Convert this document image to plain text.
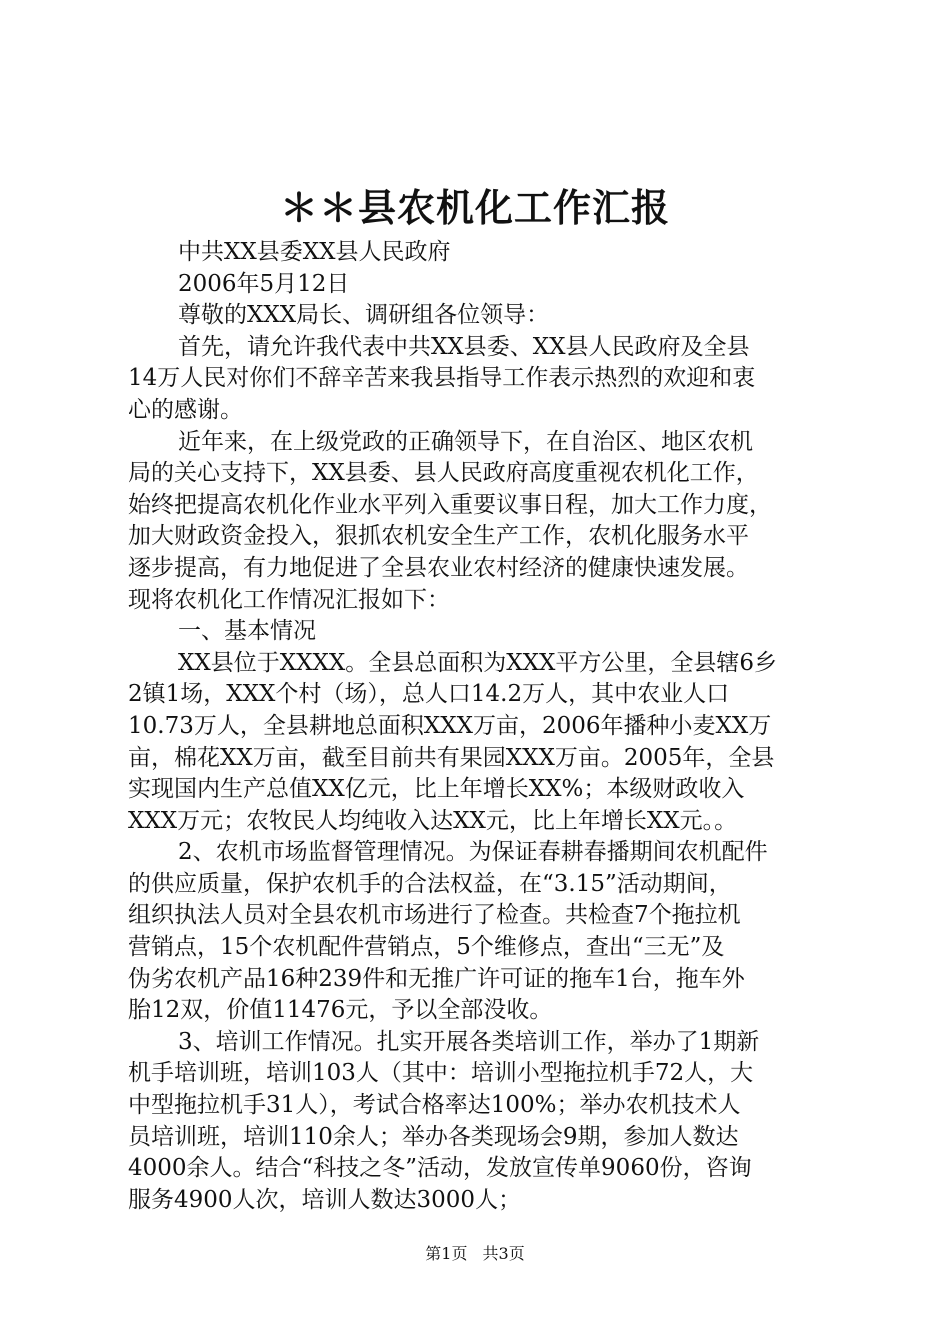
＊＊县农机化工作汇报

中共XX县委XX县人民政府

2006年5月12日

尊敬的XXX局长、调研组各位领导：

首先，请允许我代表中共XX县委、XX县人民政府及全县

14万人民对你们不辞辛苦来我县指导工作表示热烈的欢迎和衷

心的感谢。

近年来，在上级党政的正确领导下，在自治区、地区农机

局的关心支持下，XX县委、县人民政府高度重视农机化工作，

始终把提高农机化作业水平列入重要议事日程，加大工作力度，

加大财政资金投入，狠抓农机安全生产工作，农机化服务水平

逐步提高，有力地促进了全县农业农村经济的健康快速发展。

现将农机化工作情况汇报如下：

一、基本情况

XX县位于XXXX。全县总面积为XXX平方公里，全县辖6乡

2镇1场，XXX个村（场），总人口14.2万人，其中农业人口

10.73万人，全县耕地总面积XXX万亩，2006年播种小麦XX万

亩，棉花XX万亩，截至目前共有果园XXX万亩。2005年，全县

实现国内生产总值XX亿元，比上年增长XX%；本级财政收入

XXX万元；农牧民人均纯收入达XX元，比上年增长XX元。。

2、农机市场监督管理情况。为保证春耕春播期间农机配件

的供应质量，保护农机手的合法权益，在“3.15”活动期间，

组织执法人员对全县农机市场进行了检查。共检查7个拖拉机

营销点，15个农机配件营销点，5个维修点，查出“三无”及

伪劣农机产品16种239件和无推广许可证的拖车1台，拖车外

胎12双，价值11476元，予以全部没收。

3、培训工作情况。扎实开展各类培训工作，举办了1期新

机手培训班，培训103人（其中：培训小型拖拉机手72人，大

中型拖拉机手31人），考试合格率达100%；举办农机技术人

员培训班，培训110余人；举办各类现场会9期，参加人数达

4000余人。结合“科技之冬”活动，发放宣传单9060份，咨询

服务4900人次，培训人数达3000人；

第1页 共3页
